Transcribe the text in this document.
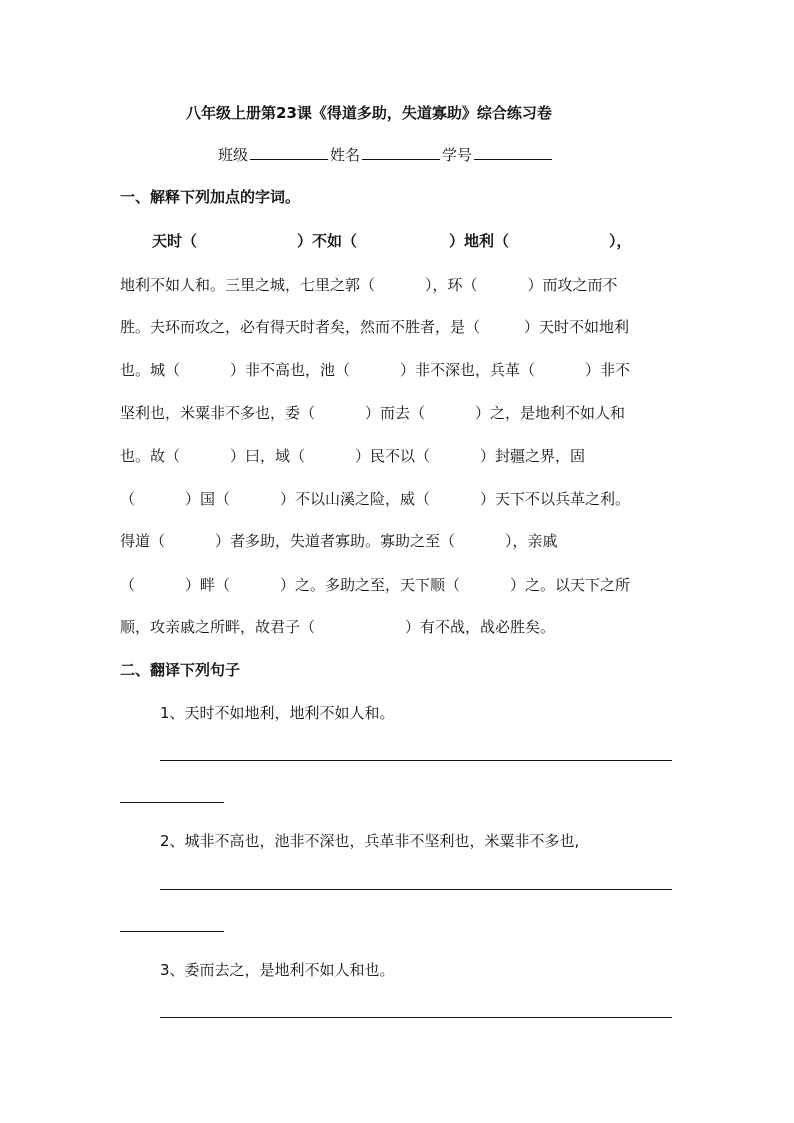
八年级上册第23课《得道多助，失道寡助》综合练习卷
班级	姓名	学号
一、解释下列加点的字词。
天时（	）不如（	）地利（	），
地利不如人和。三里之城，七里之郭（	），环（	）而攻之而不
胜。夫环而攻之，必有得天时者矣，然而不胜者，是（	）天时不如地利
也。城（	）非不高也，池（	）非不深也，兵革（	）非不
坚利也，米粟非不多也，委（	）而去（	）之，是地利不如人和
也。故（	）曰，域（	）民不以（	）封疆之界，固
（	）国（	）不以山溪之险，威（	）天下不以兵革之利。
得道（	）者多助，失道者寡助。寡助之至（	），亲戚
（	）畔（	）之。多助之至，天下顺（	）之。以天下之所
顺，攻亲戚之所畔，故君子（	）有不战，战必胜矣。
二、翻译下列句子
1、天时不如地利，地利不如人和。
2、城非不高也，池非不深也，兵革非不坚利也，米粟非不多也,
3、委而去之，是地利不如人和也。
